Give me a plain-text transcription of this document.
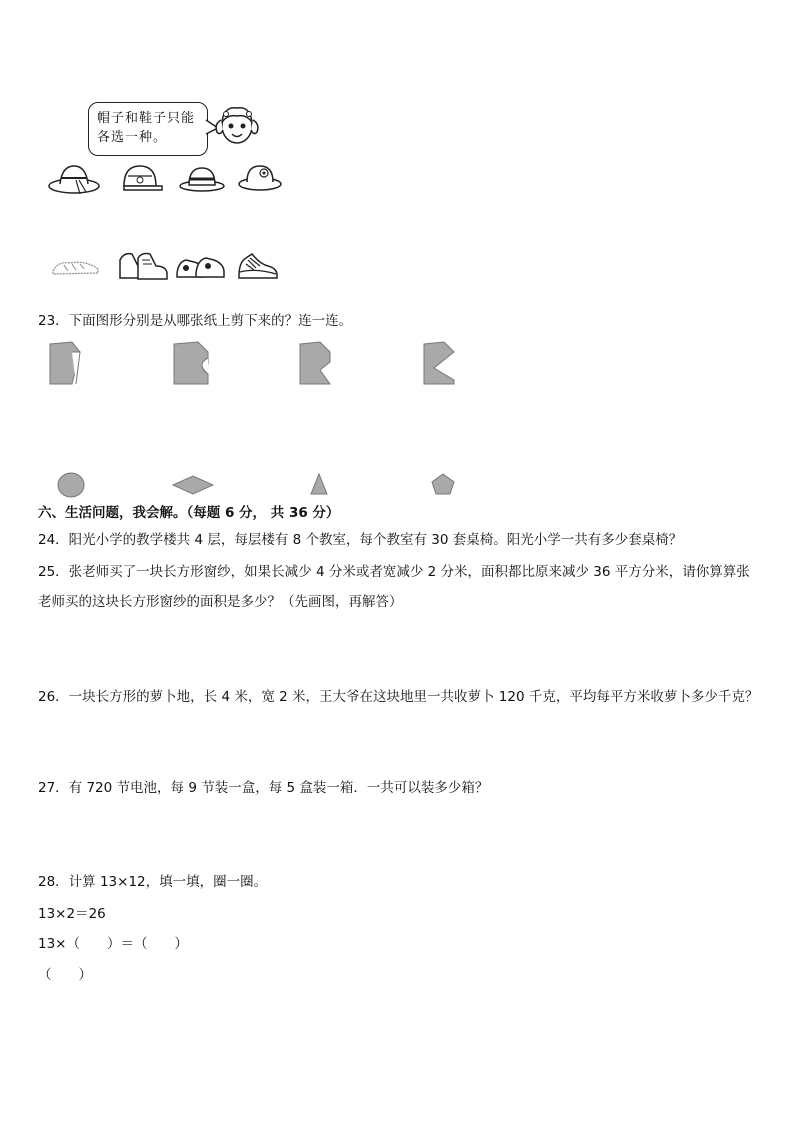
帽子和鞋子只能
各选一种。
23．下面图形分别是从哪张纸上剪下来的？连一连。
六、生活问题，我会解。（每题 6 分， 共 36 分）
24．阳光小学的教学楼共 4 层，每层楼有 8 个教室，每个教室有 30 套桌椅。阳光小学一共有多少套桌椅？
25．张老师买了一块长方形窗纱，如果长减少 4 分米或者宽减少 2 分米，面积都比原来减少 36 平方分米，请你算算张
老师买的这块长方形窗纱的面积是多少？（先画图，再解答）
26．一块长方形的萝卜地，长 4 米，宽 2 米，王大爷在这块地里一共收萝卜 120 千克，平均每平方米收萝卜多少千克？
27．有 720 节电池，每 9 节装一盒，每 5 盒装一箱．一共可以装多少箱？
28．计算 13×12，填一填，圈一圈。
13×2＝26
13×（　　）＝（　　）
（　　）
